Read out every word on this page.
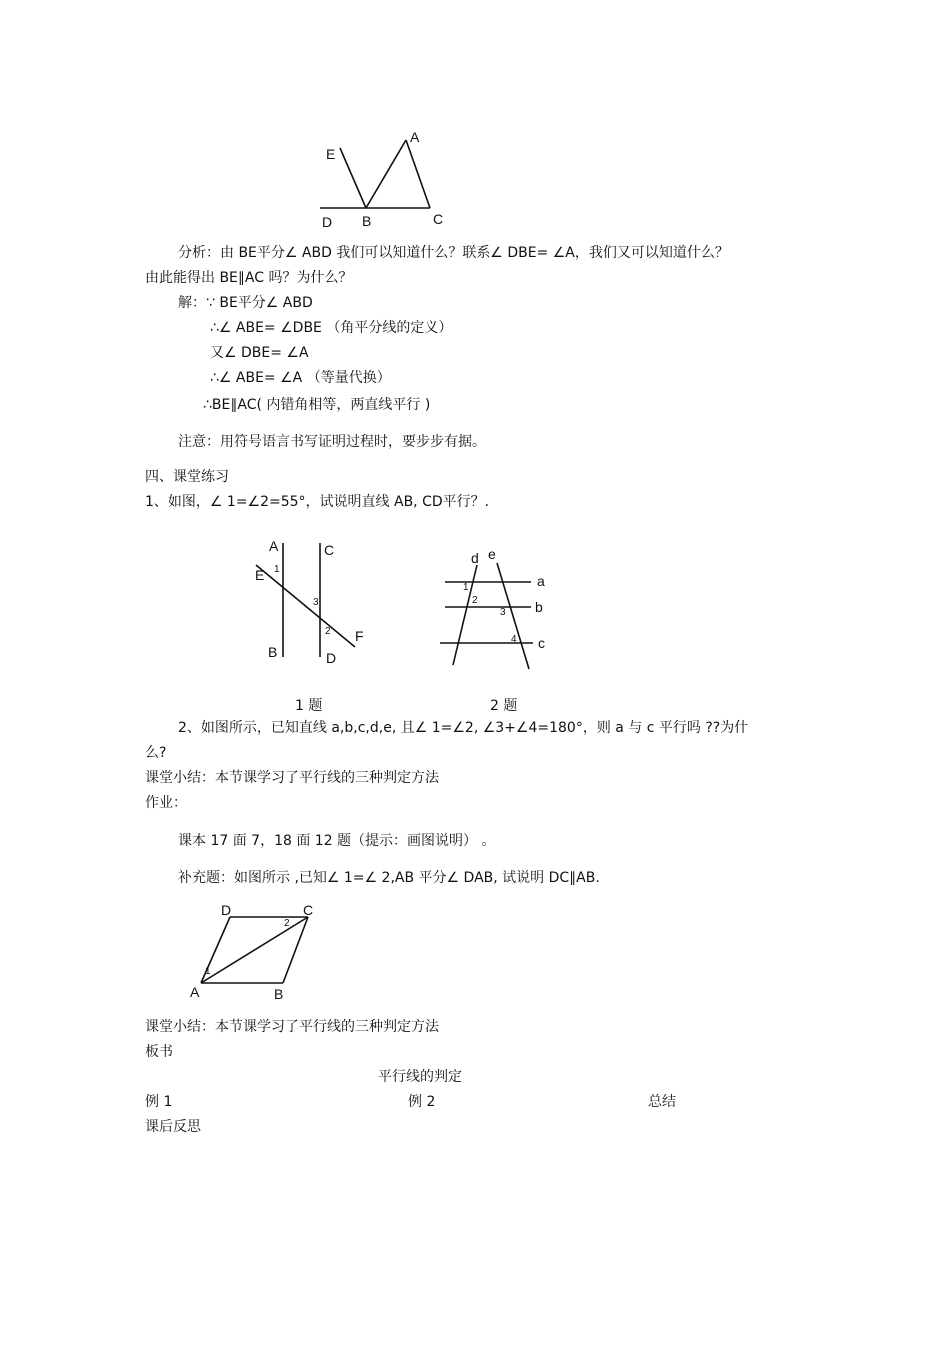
E
A
D B	C
分析：由 BE平分∠ ABD 我们可以知道什么？联系∠ DBE= ∠A，我们又可以知道什么？
由此能得出 BE∥AC 吗？为什么？
解：∵ BE平分∠ ABD
∴∠ ABE= ∠DBE （角平分线的定义）
又∠ DBE= ∠A
∴∠ ABE= ∠A （等量代换）
∴BE∥AC( 内错角相等，两直线平行 )
注意：用符号语言书写证明过程时，要步步有据。
四、课堂练习
1、如图，∠ 1=∠2=55°，试说明直线 AB, CD平行？.
A	C
E 1
3
2 F
B	D
d e
a
b
c
1
2
3
4
1 题	2 题
2、如图所示，已知直线 a,b,c,d,e, 且∠ 1=∠2, ∠3+∠4=180°，则 a 与 c 平行吗 ??为什
么?
课堂小结：本节课学习了平行线的三种判定方法
作业：
课本 17 面 7，18 面 12 题（提示：画图说明） 。
补充题：如图所示 ,已知∠ 1=∠ 2,AB 平分∠ DAB, 试说明 DC∥AB.
D	C
2
1
A	B
课堂小结：本节课学习了平行线的三种判定方法
板书
平行线的判定
例 1	例 2	总结
课后反思
